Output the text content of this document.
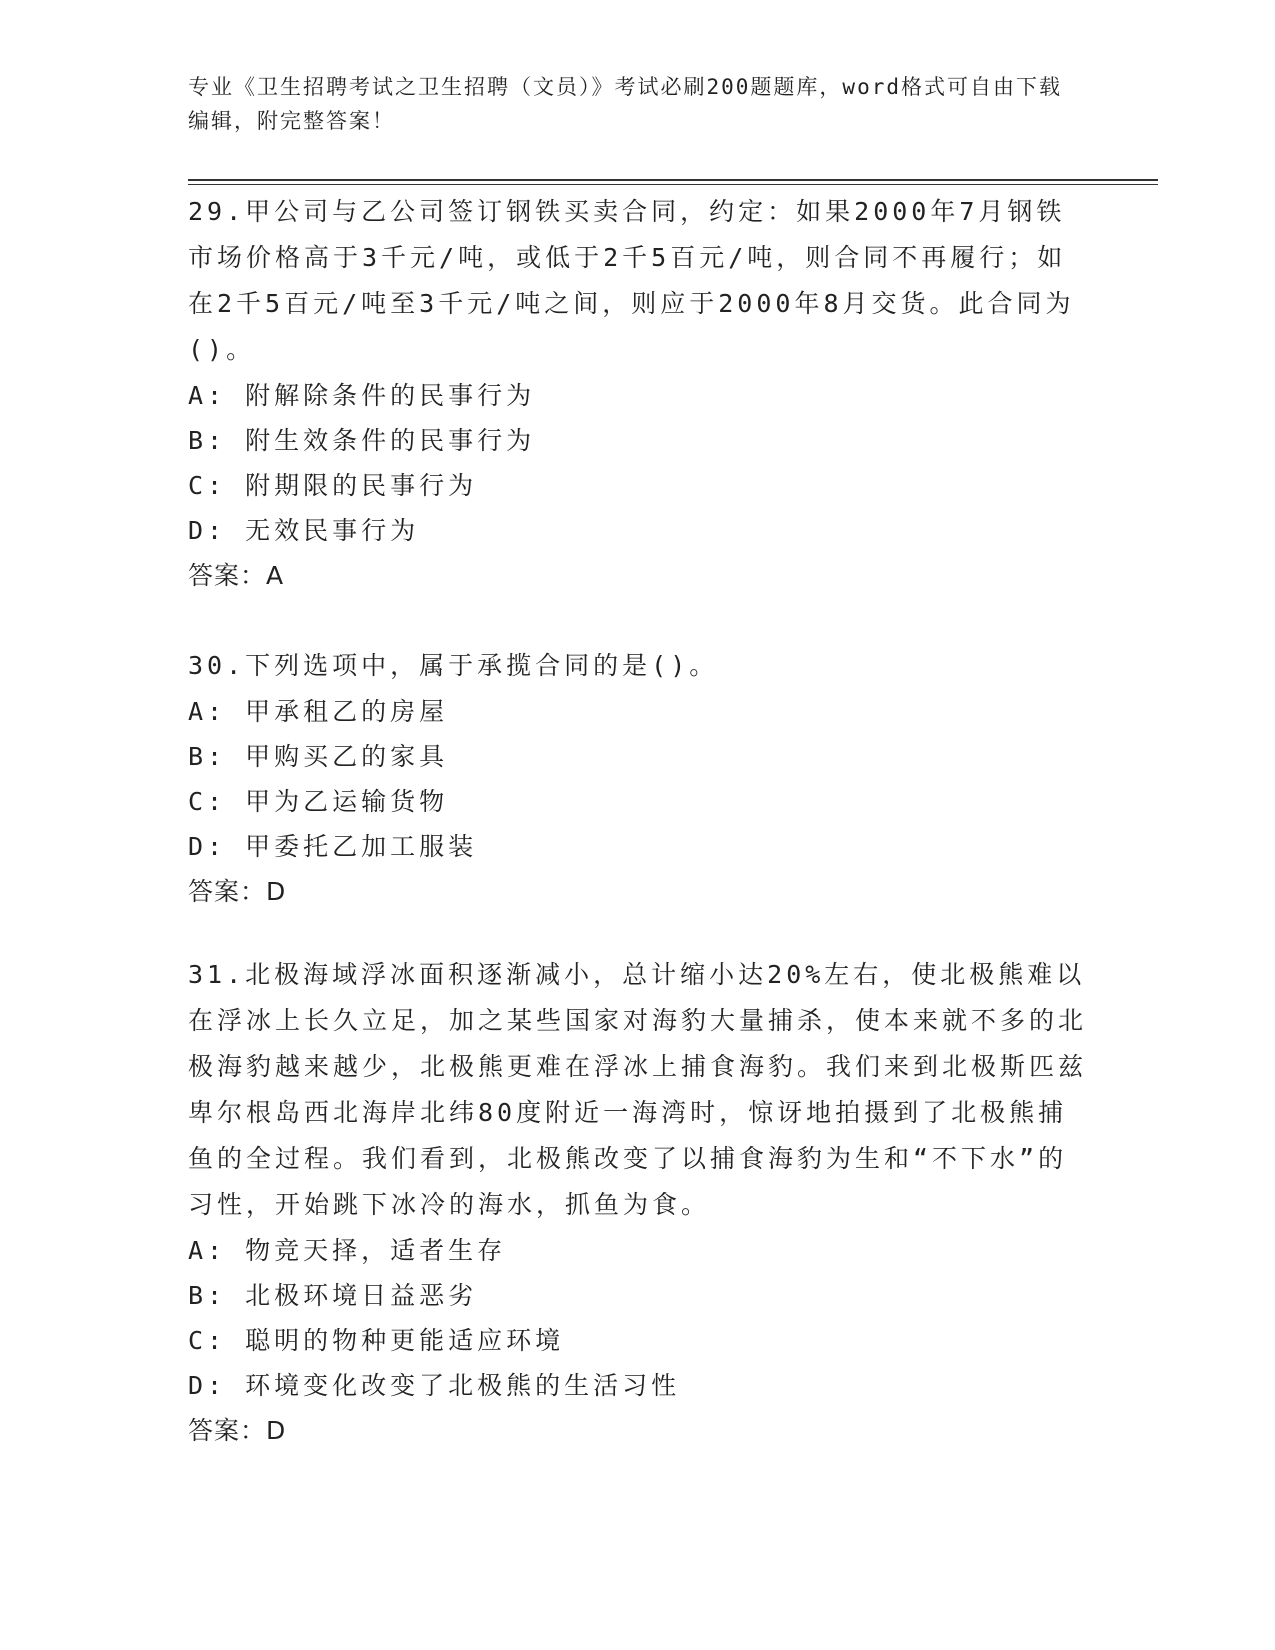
专业《卫生招聘考试之卫生招聘（文员）》考试必刷200题题库，word格式可自由下载编辑，附完整答案！

29.甲公司与乙公司签订钢铁买卖合同，约定：如果2000年7月钢铁市场价格高于3千元/吨，或低于2千5百元/吨，则合同不再履行；如在2千5百元/吨至3千元/吨之间，则应于2000年8月交货。此合同为()。

A: 附解除条件的民事行为

B: 附生效条件的民事行为

C: 附期限的民事行为

D: 无效民事行为

答案：A

30.下列选项中，属于承揽合同的是()。

A: 甲承租乙的房屋

B: 甲购买乙的家具

C: 甲为乙运输货物

D: 甲委托乙加工服装

答案：D

31.北极海域浮冰面积逐渐减小，总计缩小达20%左右，使北极熊难以在浮冰上长久立足，加之某些国家对海豹大量捕杀，使本来就不多的北极海豹越来越少，北极熊更难在浮冰上捕食海豹。我们来到北极斯匹兹卑尔根岛西北海岸北纬80度附近一海湾时，惊讶地拍摄到了北极熊捕鱼的全过程。我们看到，北极熊改变了以捕食海豹为生和“不下水”的习性，开始跳下冰冷的海水，抓鱼为食。

A: 物竞天择，适者生存

B: 北极环境日益恶劣

C: 聪明的物种更能适应环境

D: 环境变化改变了北极熊的生活习性

答案：D
